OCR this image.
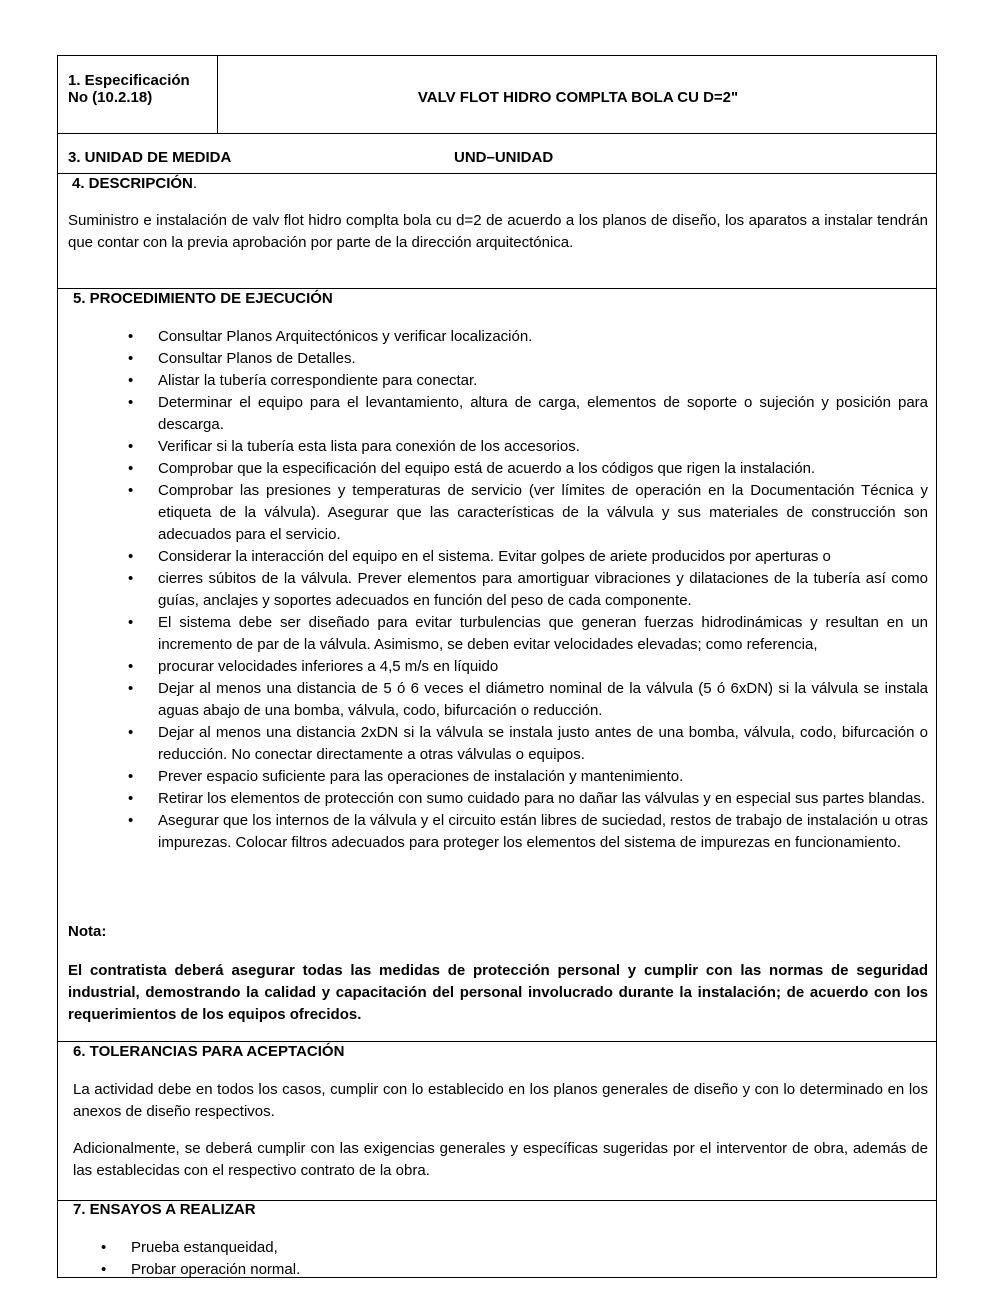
1. Especificación
No (10.2.18)	VALV FLOT HIDRO COMPLTA BOLA CU D=2"
3. UNIDAD DE MEDIDA	UND–UNIDAD
4. DESCRIPCIÓN.
Suministro e instalación de valv flot hidro complta bola cu d=2 de acuerdo a los planos de diseño, los aparatos a instalar tendrán que contar con la previa aprobación por parte de la dirección arquitectónica.
5. PROCEDIMIENTO DE EJECUCIÓN
• Consultar Planos Arquitectónicos y verificar localización.
• Consultar Planos de Detalles.
• Alistar la tubería correspondiente para conectar.
• Determinar el equipo para el levantamiento, altura de carga, elementos de soporte o sujeción y posición para descarga.
• Verificar si la tubería esta lista para conexión de los accesorios.
• Comprobar que la especificación del equipo está de acuerdo a los códigos que rigen la instalación.
• Comprobar las presiones y temperaturas de servicio (ver límites de operación en la Documentación Técnica y etiqueta de la válvula). Asegurar que las características de la válvula y sus materiales de construcción son adecuados para el servicio.
• Considerar la interacción del equipo en el sistema. Evitar golpes de ariete producidos por aperturas o
• cierres súbitos de la válvula. Prever elementos para amortiguar vibraciones y dilataciones de la tubería así como guías, anclajes y soportes adecuados en función del peso de cada componente.
• El sistema debe ser diseñado para evitar turbulencias que generan fuerzas hidrodinámicas y resultan en un incremento de par de la válvula. Asimismo, se deben evitar velocidades elevadas; como referencia,
• procurar velocidades inferiores a 4,5 m/s en líquido
• Dejar al menos una distancia de 5 ó 6 veces el diámetro nominal de la válvula (5 ó 6xDN) si la válvula se instala aguas abajo de una bomba, válvula, codo, bifurcación o reducción.
• Dejar al menos una distancia 2xDN si la válvula se instala justo antes de una bomba, válvula, codo, bifurcación o reducción. No conectar directamente a otras válvulas o equipos.
• Prever espacio suficiente para las operaciones de instalación y mantenimiento.
• Retirar los elementos de protección con sumo cuidado para no dañar las válvulas y en especial sus partes blandas.
• Asegurar que los internos de la válvula y el circuito están libres de suciedad, restos de trabajo de instalación u otras impurezas. Colocar filtros adecuados para proteger los elementos del sistema de impurezas en funcionamiento.
Nota:
El contratista deberá asegurar todas las medidas de protección personal y cumplir con las normas de seguridad industrial, demostrando la calidad y capacitación del personal involucrado durante la instalación; de acuerdo con los requerimientos de los equipos ofrecidos.
6. TOLERANCIAS PARA ACEPTACIÓN
La actividad debe en todos los casos, cumplir con lo establecido en los planos generales de diseño y con lo determinado en los anexos de diseño respectivos.
Adicionalmente, se deberá cumplir con las exigencias generales y específicas sugeridas por el interventor de obra, además de las establecidas con el respectivo contrato de la obra.
7. ENSAYOS A REALIZAR
• Prueba estanqueidad,
• Probar operación normal.
